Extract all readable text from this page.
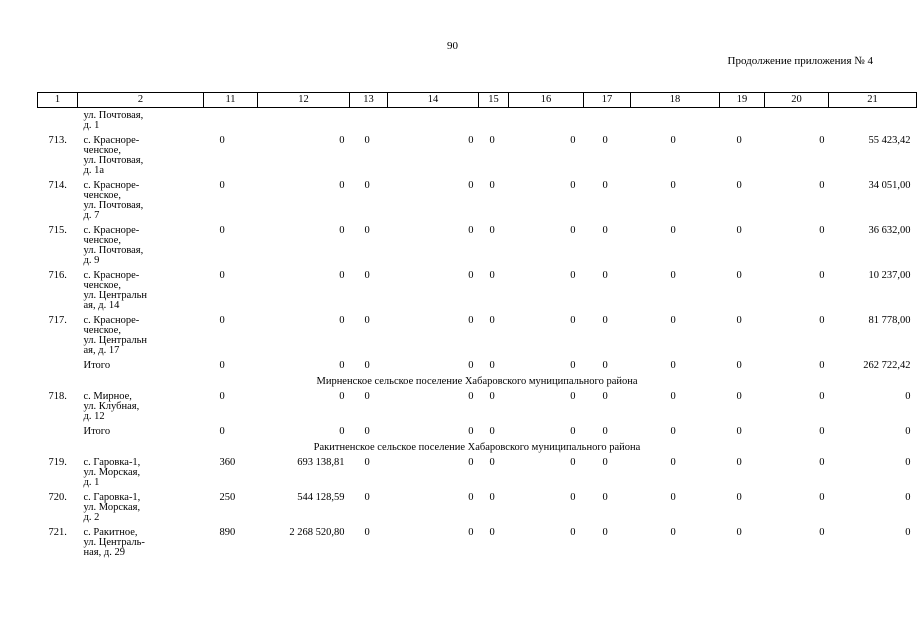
90
Продолжение приложения № 4
1	2	11	12	13	14	15	16	17	18	19	20	21

	ул. Почтовая,
д. 1											

713.	с. Красноре-
ченское,
ул. Почтовая,
д. 1а	0	0	0	0	0	0	0	0	0	0	55 423,42
714.	с. Красноре-
ченское,
ул. Почтовая,
д. 7	0	0	0	0	0	0	0	0	0	0	34 051,00
715.	с. Красноре-
ченское,
ул. Почтовая,
д. 9	0	0	0	0	0	0	0	0	0	0	36 632,00
716.	с. Красноре-
ченское,
ул. Центральн
ая, д. 14	0	0	0	0	0	0	0	0	0	0	10 237,00
717.	с. Красноре-
ченское,
ул. Центральн
ая, д. 17	0	0	0	0	0	0	0	0	0	0	81 778,00

	Итого	0	0	0	0	0	0	0	0	0	0	262 722,42
Мирненское сельское поселение Хабаровского муниципального района												
718.	с. Мирное,
ул. Клубная,
д. 12	0	0	0	0	0	0	0	0	0	0	0

	Итого	0	0	0	0	0	0	0	0	0	0	0
Ракитненское сельское поселение Хабаровского муниципального района												
719.	с. Гаровка-1,
ул. Морская,
д. 1	360	693 138,81	0	0	0	0	0	0	0	0	0
720.	с. Гаровка-1,
ул. Морская,
д. 2	250	544 128,59	0	0	0	0	0	0	0	0	0
721.	с. Ракитное,
ул. Централь-
ная, д. 29	890	2 268 520,80	0	0	0	0	0	0	0	0	0
